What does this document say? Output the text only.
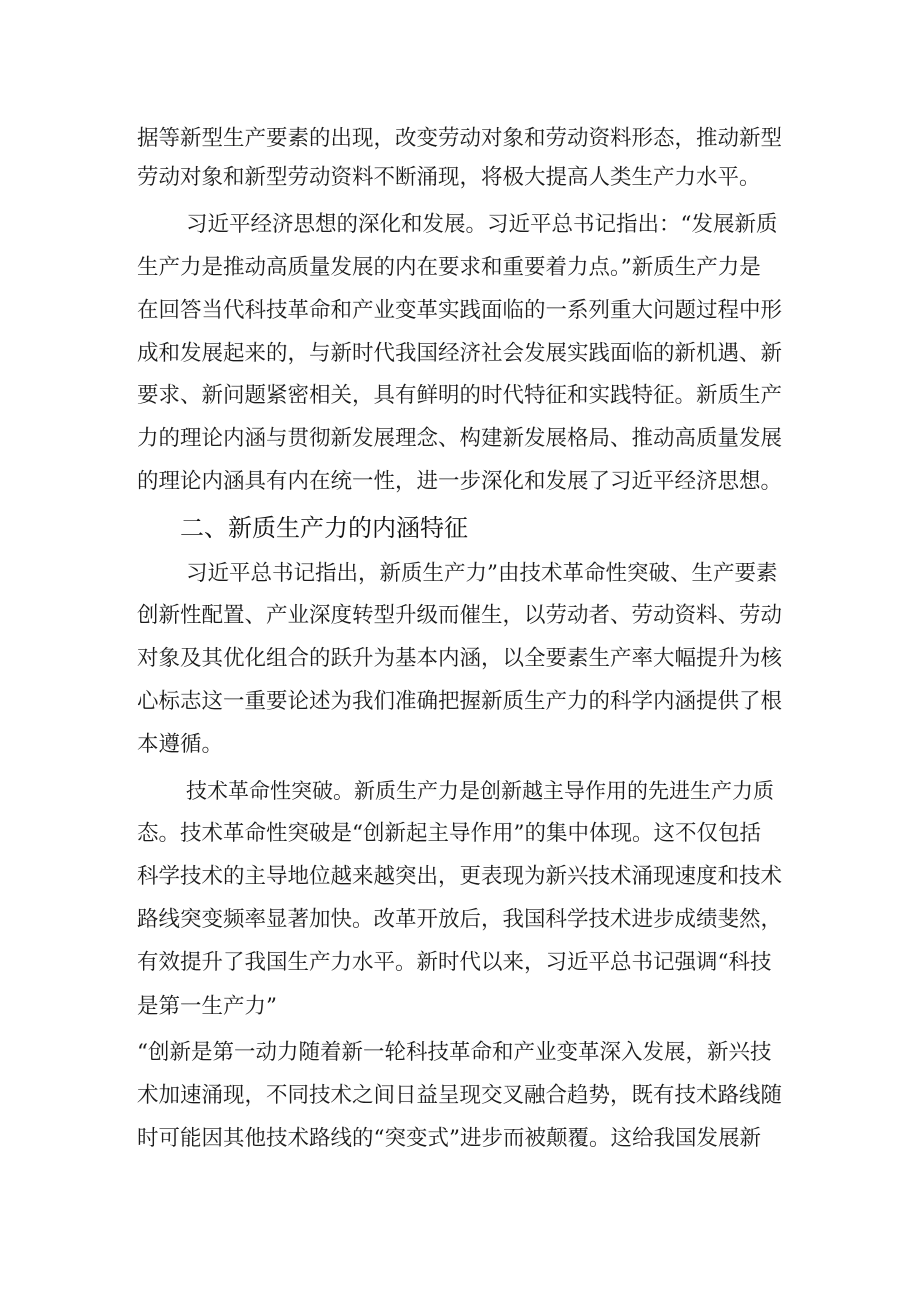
据等新型生产要素的出现，改变劳动对象和劳动资料形态，推动新型
劳动对象和新型劳动资料不断涌现，将极大提高人类生产力水平。
习近平经济思想的深化和发展。习近平总书记指出：“发展新质
生产力是推动高质量发展的内在要求和重要着力点。”新质生产力是
在回答当代科技革命和产业变革实践面临的一系列重大问题过程中形
成和发展起来的，与新时代我国经济社会发展实践面临的新机遇、新
要求、新问题紧密相关，具有鲜明的时代特征和实践特征。新质生产
力的理论内涵与贯彻新发展理念、构建新发展格局、推动高质量发展
的理论内涵具有内在统一性，进一步深化和发展了习近平经济思想。
二、新质生产力的内涵特征
习近平总书记指出，新质生产力”由技术革命性突破、生产要素
创新性配置、产业深度转型升级而催生，以劳动者、劳动资料、劳动
对象及其优化组合的跃升为基本内涵，以全要素生产率大幅提升为核
心标志这一重要论述为我们准确把握新质生产力的科学内涵提供了根
本遵循。
技术革命性突破。新质生产力是创新越主导作用的先进生产力质
态。技术革命性突破是“创新起主导作用”的集中体现。这不仅包括
科学技术的主导地位越来越突出，更表现为新兴技术涌现速度和技术
路线突变频率显著加快。改革开放后，我国科学技术进步成绩斐然，
有效提升了我国生产力水平。新时代以来，习近平总书记强调“科技
是第一生产力”
“创新是第一动力随着新一轮科技革命和产业变革深入发展，新兴技
术加速涌现，不同技术之间日益呈现交叉融合趋势，既有技术路线随
时可能因其他技术路线的“突变式”进步而被颠覆。这给我国发展新
